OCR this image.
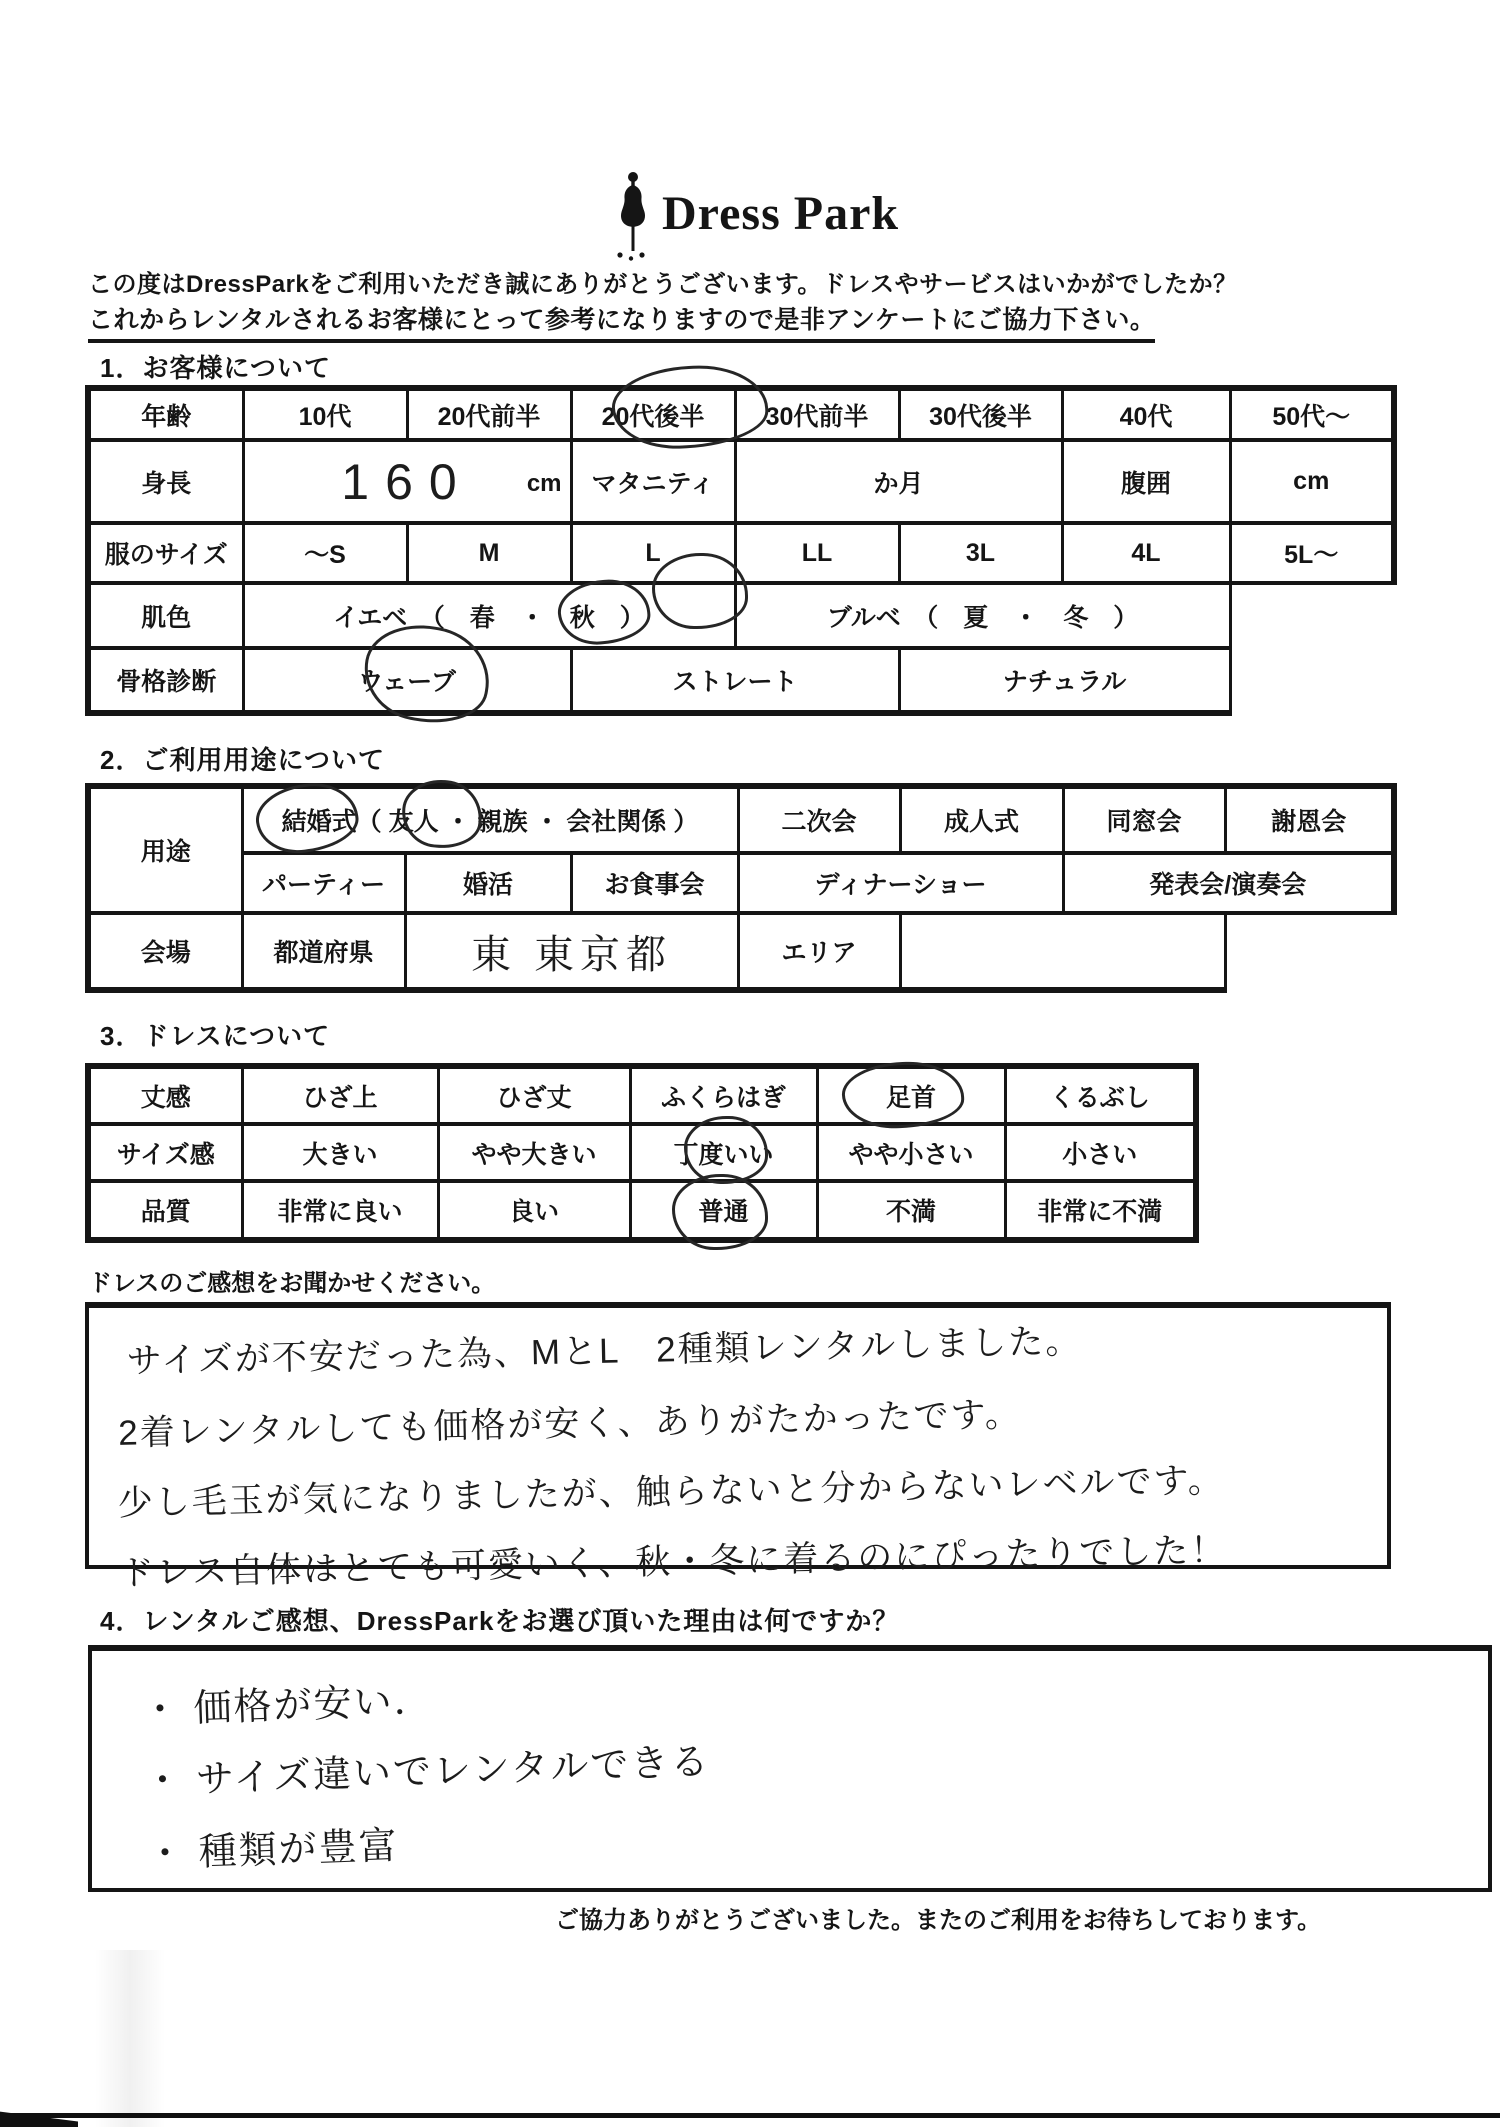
Dress Park
この度はDressParkをご利用いただき誠にありがとうございます。ドレスやサービスはいかがでしたか？
これからレンタルされるお客様にとって参考になりますので是非アンケートにご協力下さい。
1．お客様について
年齢	10代	20代前半	20代後半	30代前半	30代後半	40代	50代～
身長	160 cm		マタニティ	か月		腹囲	cm
服のサイズ	～S	M	L	LL	3L	4L	5L～
肌色	イエベ　（　春　・　秋　）			ブルベ　（　夏　・　冬　）			
骨格診断	ウェーブ		ストレート		ナチュラル		
2．ご利用用途について
用途	結婚式（ 友人 ・ 親族 ・ 会社関係 ）			二次会	成人式	同窓会	謝恩会
	パーティー	婚活	お食事会	ディナーショー		発表会/演奏会	
会場	都道府県	東 東京都		エリア			
3．ドレスについて
丈感	ひざ上	ひざ丈	ふくらはぎ	足首	くるぶし
サイズ感	大きい	やや大きい	丁度いい	やや小さい	小さい
品質	非常に良い	良い	普通	不満	非常に不満
ドレスのご感想をお聞かせください。
サイズが不安だった為、MとL　2種類レンタルしました。
2着レンタルしても価格が安く、ありがたかったです。
少し毛玉が気になりましたが、触らないと分からないレベルです。
ドレス自体はとても可愛いく、秋・冬に着るのにぴったりでした！
4．レンタルご感想、DressParkをお選び頂いた理由は何ですか？
・ 価格が安い．
・ サイズ違いでレンタルできる
・ 種類が豊富
ご協力ありがとうございました。またのご利用をお待ちしております。
